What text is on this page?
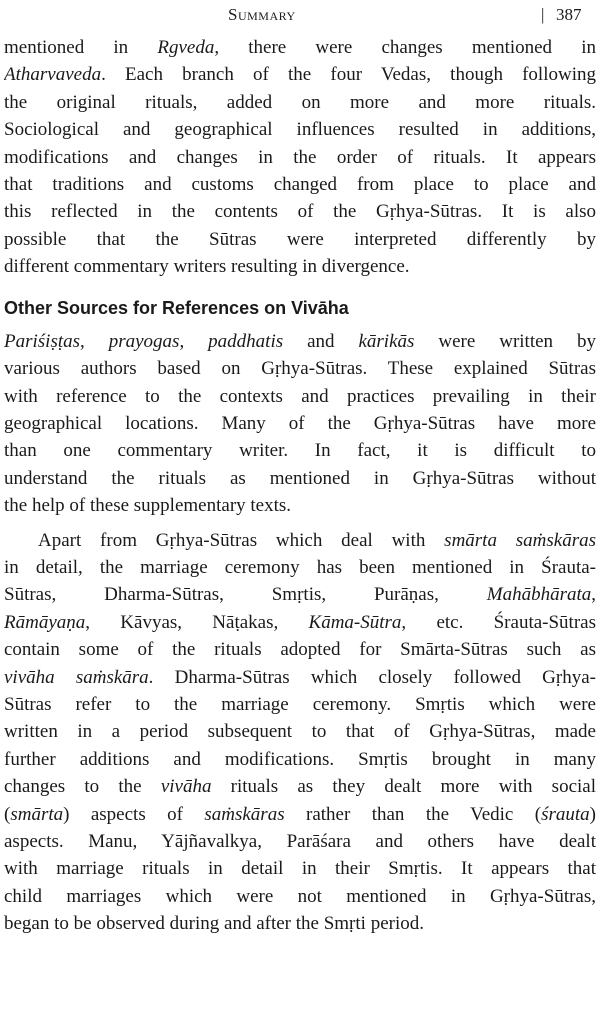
Summary	| 387
mentioned in Rgveda, there were changes mentioned in
Atharvaveda. Each branch of the four Vedas, though following
the original rituals, added on more and more rituals.
Sociological and geographical influences resulted in additions,
modifications and changes in the order of rituals. It appears
that traditions and customs changed from place to place and
this reflected in the contents of the Gṛhya-Sūtras. It is also
possible that the Sūtras were interpreted differently by
different commentary writers resulting in divergence.
Other Sources for References on Vivāha
Pariśiṣṭas, prayogas, paddhatis and kārikās were written by
various authors based on Gṛhya-Sūtras. These explained Sūtras
with reference to the contexts and practices prevailing in their
geographical locations. Many of the Gṛhya-Sūtras have more
than one commentary writer. In fact, it is difficult to
understand the rituals as mentioned in Gṛhya-Sūtras without
the help of these supplementary texts.
Apart from Gṛhya-Sūtras which deal with smārta saṁskāras
in detail, the marriage ceremony has been mentioned in Śrauta-
Sūtras, Dharma-Sūtras, Smṛtis, Purāṇas, Mahābhārata,
Rāmāyaṇa, Kāvyas, Nāṭakas, Kāma-Sūtra, etc. Śrauta-Sūtras
contain some of the rituals adopted for Smārta-Sūtras such as
vivāha saṁskāra. Dharma-Sūtras which closely followed Gṛhya-
Sūtras refer to the marriage ceremony. Smṛtis which were
written in a period subsequent to that of Gṛhya-Sūtras, made
further additions and modifications. Smṛtis brought in many
changes to the vivāha rituals as they dealt more with social
(smārta) aspects of saṁskāras rather than the Vedic (śrauta)
aspects. Manu, Yājñavalkya, Parāśara and others have dealt
with marriage rituals in detail in their Smṛtis. It appears that
child marriages which were not mentioned in Gṛhya-Sūtras,
began to be observed during and after the Smṛti period.
